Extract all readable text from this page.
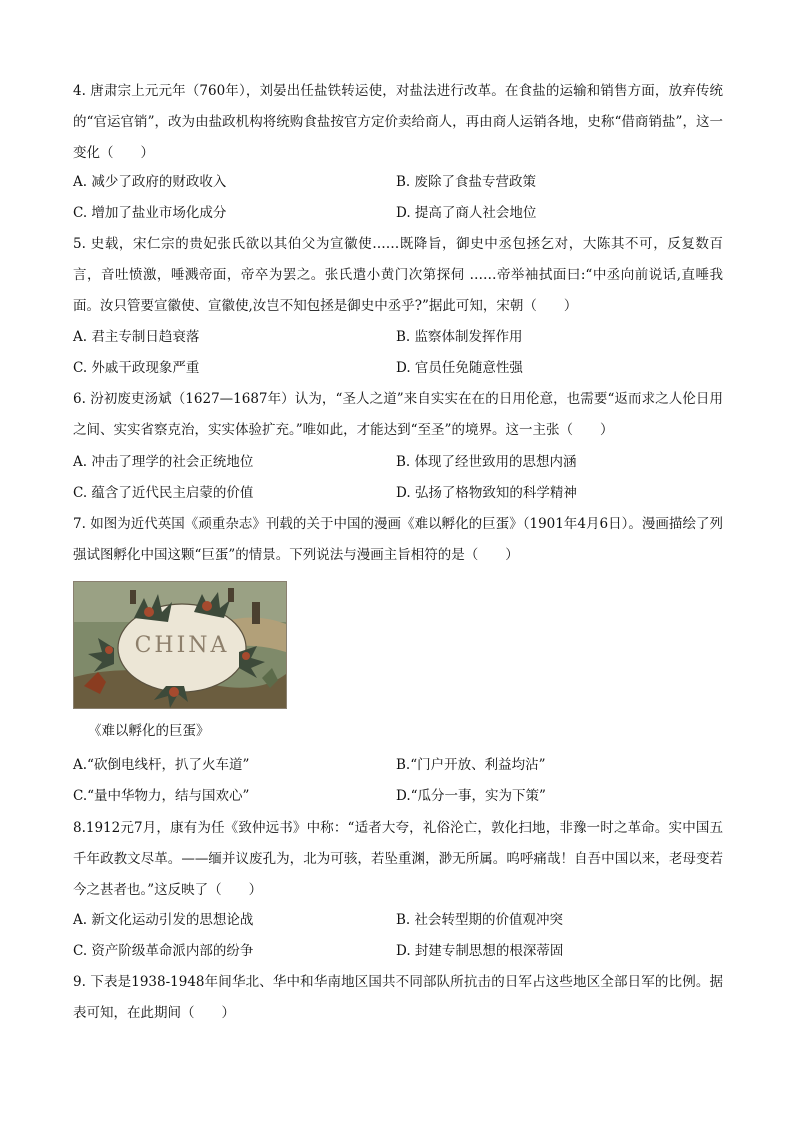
4. 唐肃宗上元元年（760年），刘晏出任盐铁转运使，对盐法进行改革。在食盐的运输和销售方面，放弃传统的“官运官销”，改为由盐政机构将统购食盐按官方定价卖给商人，再由商人运销各地，史称“借商销盐”，这一变化（　　）
A. 减少了政府的财政收入	B. 废除了食盐专营政策
C. 增加了盐业市场化成分	D. 提高了商人社会地位
5. 史载，宋仁宗的贵妃张氏欲以其伯父为宣徽使……既降旨，御史中丞包拯乞对，大陈其不可，反复数百言，音吐愤激，唾溅帝面，帝卒为罢之。张氏遣小黄门次第探伺 ……帝举袖拭面曰:“中丞向前说话,直唾我面。汝只管要宣徽使、宣徽使,汝岂不知包拯是御史中丞乎?”据此可知，宋朝（　　）
A. 君主专制日趋衰落	B. 监察体制发挥作用
C. 外戚干政现象严重	D. 官员任免随意性强
6. 汾初废吏汤斌（1627—1687年）认为，“圣人之道”来自实实在在的日用伦意，也需要“返而求之人伦日用之间、实实省察克治，实实体验扩充。”唯如此，才能达到“至圣”的境界。这一主张（　　）
A. 冲击了理学的社会正统地位	B. 体现了经世致用的思想内涵
C. 蕴含了近代民主启蒙的价值	D. 弘扬了格物致知的科学精神
7. 如图为近代英国《顽重杂志》刊载的关于中国的漫画《难以孵化的巨蛋》（1901年4月6日）。漫画描绘了列强试图孵化中国这颗“巨蛋”的情景。下列说法与漫画主旨相符的是（　　）
CHINA
《难以孵化的巨蛋》
A.“砍倒电线杆，扒了火车道”	B.“门户开放、利益均沾”
C.“量中华物力，结与国欢心”	D.“瓜分一事，实为下策”
8.1912元7月，康有为任《致仲远书》中称：“适者大夸，礼俗沦亡，敦化扫地，非豫一时之革命。实中国五千年政教文尽革。——缅并议废孔为，北为可骇，若坠重渊，渺无所属。呜呼痛哉！自吾中国以来，老母变若今之甚者也。”这反映了（　　）
A. 新文化运动引发的思想论战	B. 社会转型期的价值观冲突
C. 资产阶级革命派内部的纷争	D. 封建专制思想的根深蒂固
9. 下表是1938-1948年间华北、华中和华南地区国共不同部队所抗击的日军占这些地区全部日军的比例。据表可知，在此期间（　　）
